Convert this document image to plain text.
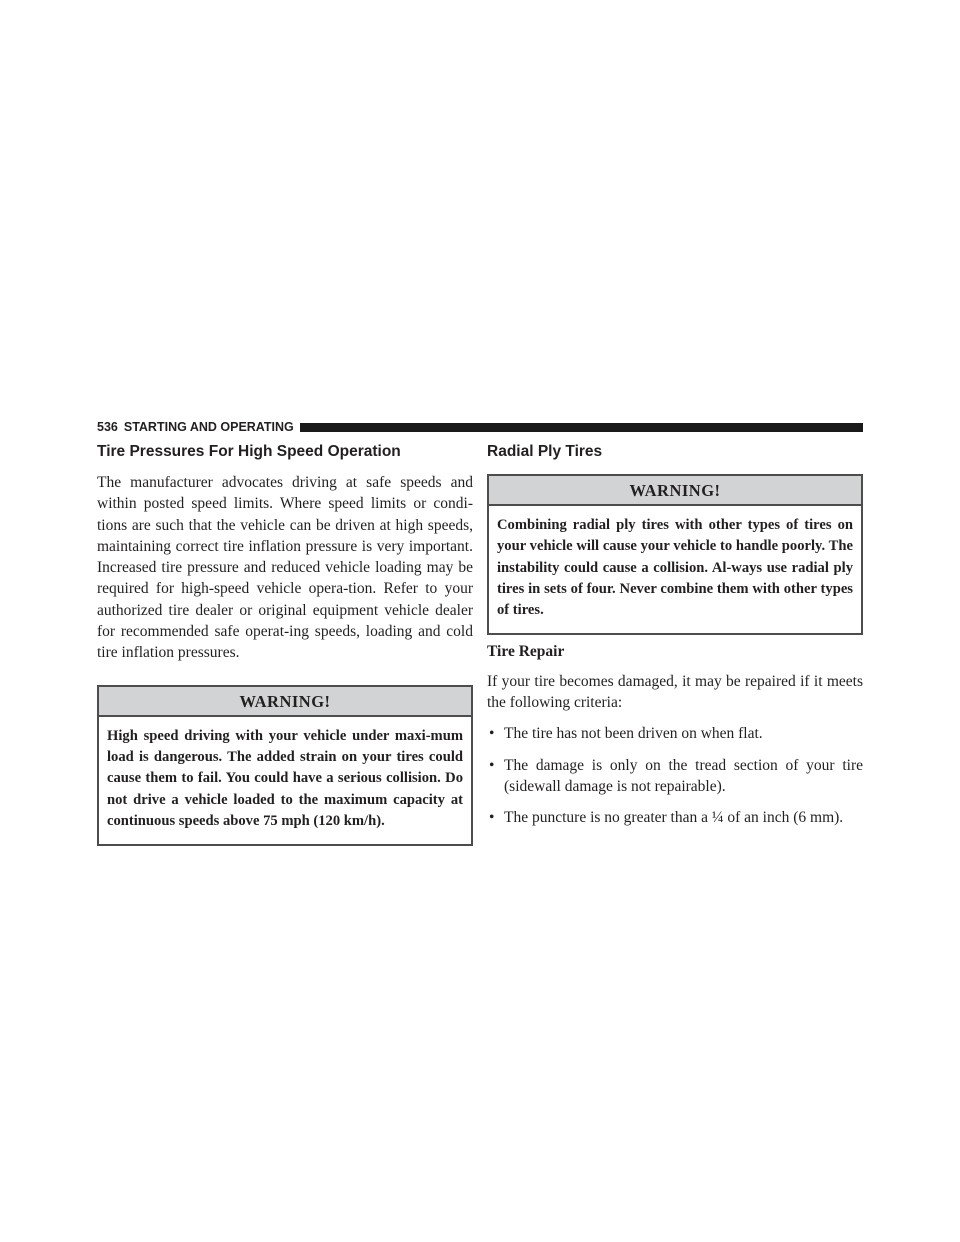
536 STARTING AND OPERATING
Tire Pressures For High Speed Operation

The manufacturer advocates driving at safe speeds and within posted speed limits. Where speed limits or condi-tions are such that the vehicle can be driven at high speeds, maintaining correct tire inflation pressure is very important. Increased tire pressure and reduced vehicle loading may be required for high-speed vehicle opera-tion. Refer to your authorized tire dealer or original equipment vehicle dealer for recommended safe operat-ing speeds, loading and cold tire inflation pressures.

WARNING!
High speed driving with your vehicle under maxi-mum load is dangerous. The added strain on your tires could cause them to fail. You could have a serious collision. Do not drive a vehicle loaded to the maximum capacity at continuous speeds above 75 mph (120 km/h).
Radial Ply Tires
WARNING!
Combining radial ply tires with other types of tires on your vehicle will cause your vehicle to handle poorly. The instability could cause a collision. Al-ways use radial ply tires in sets of four. Never combine them with other types of tires.
Tire Repair

If your tire becomes damaged, it may be repaired if it meets the following criteria:

• The tire has not been driven on when flat.
• The damage is only on the tread section of your tire (sidewall damage is not repairable).
• The puncture is no greater than a ¼ of an inch (6 mm).
